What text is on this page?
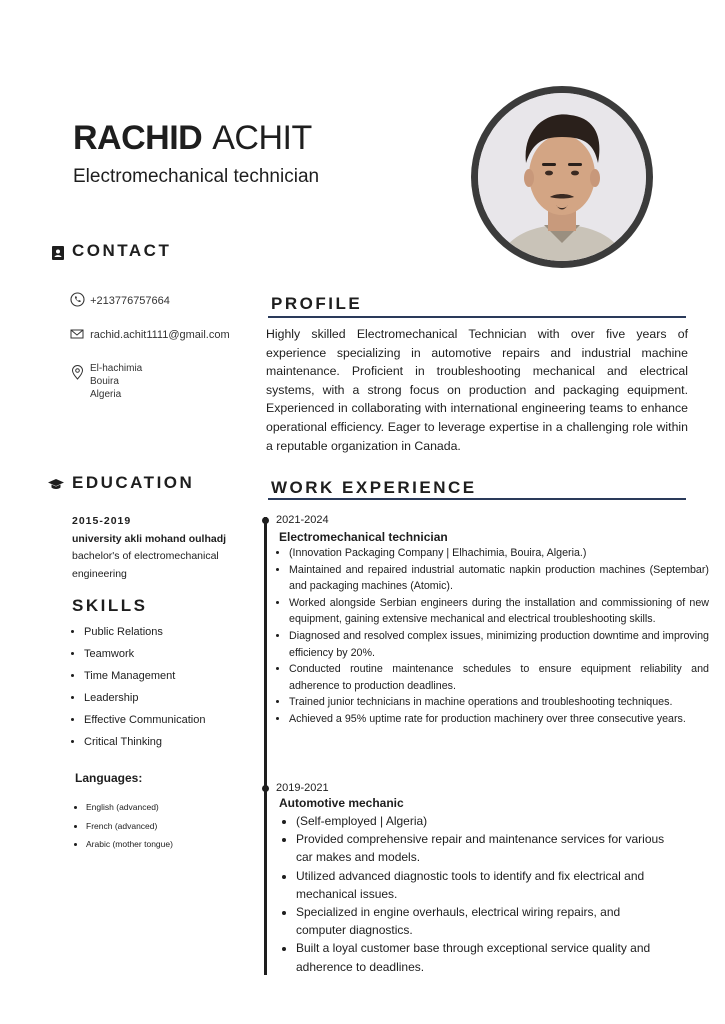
RACHID ACHIT
Electromechanical technician
CONTACT
+213776757664
rachid.achit1111@gmail.com
El-hachimia
Bouira
Algeria
PROFILE
Highly skilled Electromechanical Technician with over five years of experience specializing in automotive repairs and industrial machine maintenance. Proficient in troubleshooting mechanical and electrical systems, with a strong focus on production and packaging equipment. Experienced in collaborating with international engineering teams to enhance operational efficiency. Eager to leverage expertise in a challenging role within a reputable organization in Canada.
EDUCATION
2015-2019
university akli mohand oulhadj
bachelor's of electromechanical
engineering
SKILLS
• Public Relations
• Teamwork
• Time Management
• Leadership
• Effective Communication
• Critical Thinking
Languages:
• English (advanced)
• French (advanced)
• Arabic (mother tongue)
WORK EXPERIENCE
2021-2024
Electromechanical technician
• (Innovation Packaging Company | Elhachimia, Bouira, Algeria.)
• Maintained and repaired industrial automatic napkin production machines (Septembar) and packaging machines (Atomic).
• Worked alongside Serbian engineers during the installation and commissioning of new equipment, gaining extensive mechanical and electrical troubleshooting skills.
• Diagnosed and resolved complex issues, minimizing production downtime and improving efficiency by 20%.
• Conducted routine maintenance schedules to ensure equipment reliability and adherence to production deadlines.
• Trained junior technicians in machine operations and troubleshooting techniques.
• Achieved a 95% uptime rate for production machinery over three consecutive years.
2019-2021
Automotive mechanic
• (Self-employed | Algeria)
• Provided comprehensive repair and maintenance services for various car makes and models.
• Utilized advanced diagnostic tools to identify and fix electrical and mechanical issues.
• Specialized in engine overhauls, electrical wiring repairs, and computer diagnostics.
• Built a loyal customer base through exceptional service quality and adherence to deadlines.
